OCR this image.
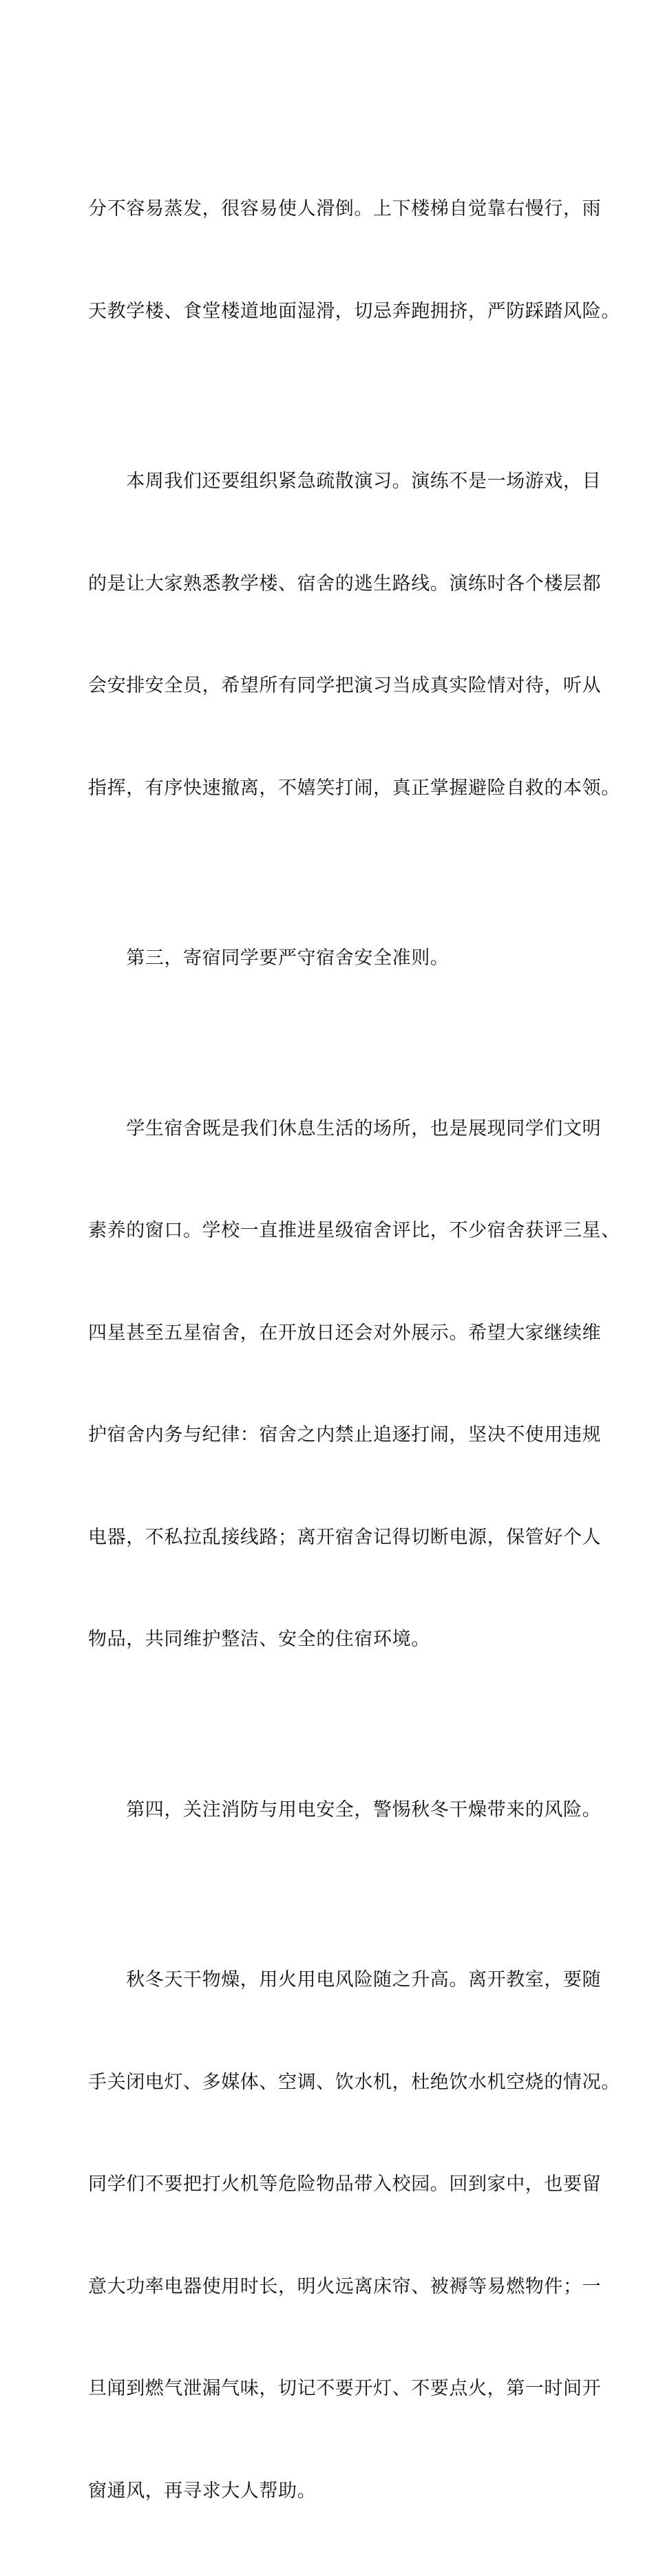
分不容易蒸发，很容易使人滑倒。上下楼梯自觉靠右慢行，雨

天教学楼、食堂楼道地面湿滑，切忌奔跑拥挤，严防踩踏风险。

　　本周我们还要组织紧急疏散演习。演练不是一场游戏，目

的是让大家熟悉教学楼、宿舍的逃生路线。演练时各个楼层都

会安排安全员，希望所有同学把演习当成真实险情对待，听从

指挥，有序快速撤离，不嬉笑打闹，真正掌握避险自救的本领。

　　第三，寄宿同学要严守宿舍安全准则。

　　学生宿舍既是我们休息生活的场所，也是展现同学们文明

素养的窗口。学校一直推进星级宿舍评比，不少宿舍获评三星、

四星甚至五星宿舍，在开放日还会对外展示。希望大家继续维

护宿舍内务与纪律：宿舍之内禁止追逐打闹，坚决不使用违规

电器，不私拉乱接线路；离开宿舍记得切断电源，保管好个人

物品，共同维护整洁、安全的住宿环境。

　　第四，关注消防与用电安全，警惕秋冬干燥带来的风险。

　　秋冬天干物燥，用火用电风险随之升高。离开教室，要随

手关闭电灯、多媒体、空调、饮水机，杜绝饮水机空烧的情况。

同学们不要把打火机等危险物品带入校园。回到家中，也要留

意大功率电器使用时长，明火远离床帘、被褥等易燃物件；一

旦闻到燃气泄漏气味，切记不要开灯、不要点火，第一时间开

窗通风，再寻求大人帮助。
